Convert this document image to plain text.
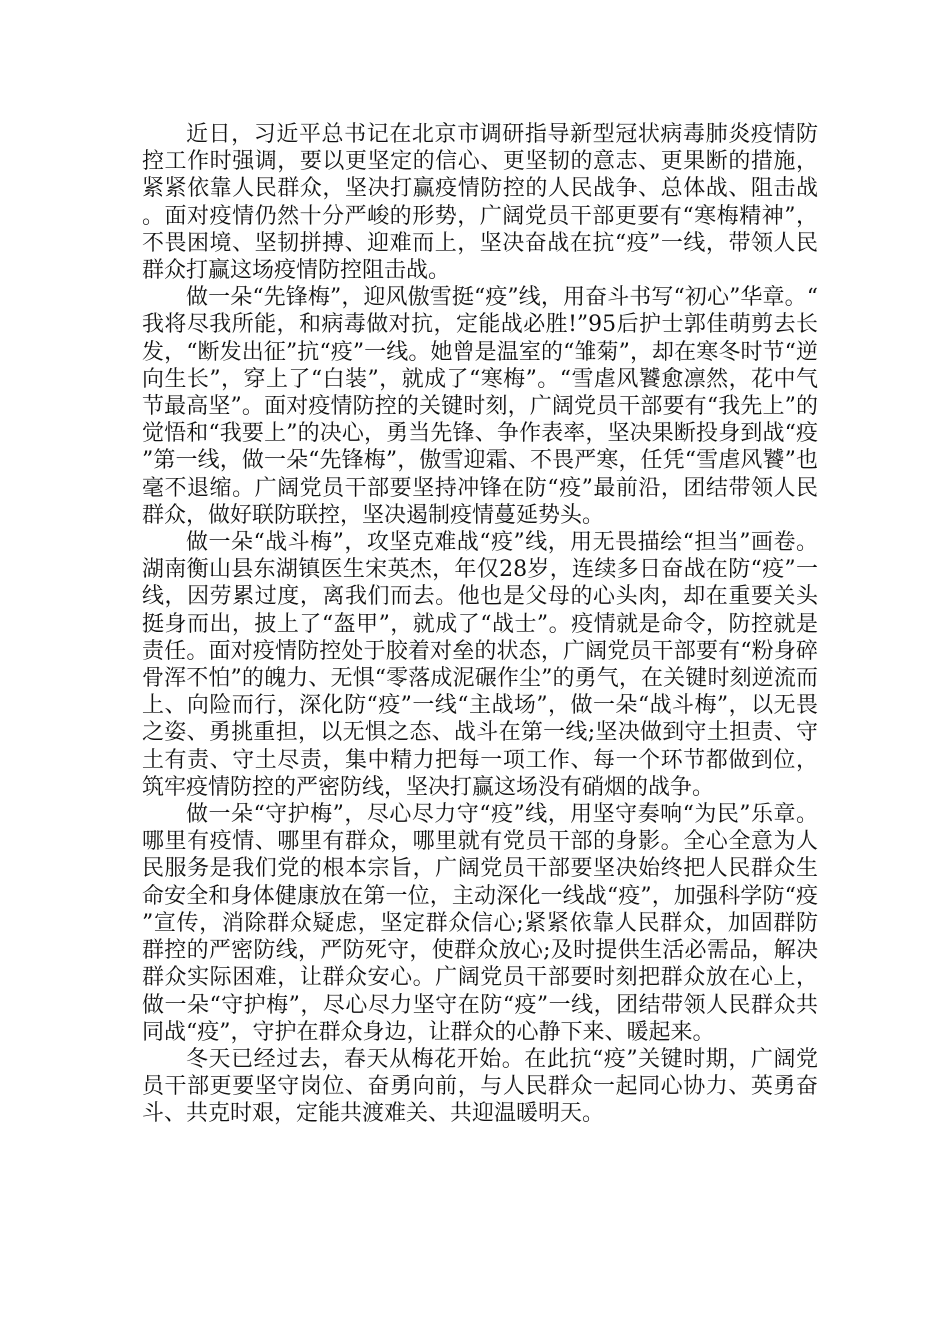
近日，习近平总书记在北京市调研指导新型冠状病毒肺炎疫情防控工作时强调，要以更坚定的信心、更坚韧的意志、更果断的措施，紧紧依靠人民群众，坚决打赢疫情防控的人民战争、总体战、阻击战。面对疫情仍然十分严峻的形势，广阔党员干部更要有“寒梅精神”，不畏困境、坚韧拼搏、迎难而上，坚决奋战在抗“疫”一线，带领人民群众打赢这场疫情防控阻击战。

做一朵“先锋梅”，迎风傲雪挺“疫”线，用奋斗书写“初心”华章。“我将尽我所能，和病毒做对抗，定能战必胜!”95后护士郭佳萌剪去长发，“断发出征”抗“疫”一线。她曾是温室的“雏菊”，却在寒冬时节“逆向生长”，穿上了“白装”，就成了“寒梅”。“雪虐风饕愈凛然，花中气节最高坚”。面对疫情防控的关键时刻，广阔党员干部要有“我先上”的觉悟和“我要上”的决心，勇当先锋、争作表率，坚决果断投身到战“疫”第一线，做一朵“先锋梅”，傲雪迎霜、不畏严寒，任凭“雪虐风饕”也毫不退缩。广阔党员干部要坚持冲锋在防“疫”最前沿，团结带领人民群众，做好联防联控，坚决遏制疫情蔓延势头。

做一朵“战斗梅”，攻坚克难战“疫”线，用无畏描绘“担当”画卷。湖南衡山县东湖镇医生宋英杰，年仅28岁，连续多日奋战在防“疫”一线，因劳累过度，离我们而去。他也是父母的心头肉，却在重要关头挺身而出，披上了“盔甲”，就成了“战士”。疫情就是命令，防控就是责任。面对疫情防控处于胶着对垒的状态，广阔党员干部要有“粉身碎骨浑不怕”的魄力、无惧“零落成泥碾作尘”的勇气，在关键时刻逆流而上、向险而行，深化防“疫”一线“主战场”，做一朵“战斗梅”，以无畏之姿、勇挑重担，以无惧之态、战斗在第一线;坚决做到守土担责、守土有责、守土尽责，集中精力把每一项工作、每一个环节都做到位，筑牢疫情防控的严密防线，坚决打赢这场没有硝烟的战争。

做一朵“守护梅”，尽心尽力守“疫”线，用坚守奏响“为民”乐章。哪里有疫情、哪里有群众，哪里就有党员干部的身影。全心全意为人民服务是我们党的根本宗旨，广阔党员干部要坚决始终把人民群众生命安全和身体健康放在第一位，主动深化一线战“疫”，加强科学防“疫”宣传，消除群众疑虑，坚定群众信心;紧紧依靠人民群众，加固群防群控的严密防线，严防死守，使群众放心;及时提供生活必需品，解决群众实际困难，让群众安心。广阔党员干部要时刻把群众放在心上，做一朵“守护梅”，尽心尽力坚守在防“疫”一线，团结带领人民群众共同战“疫”，守护在群众身边，让群众的心静下来、暖起来。

冬天已经过去，春天从梅花开始。在此抗“疫”关键时期，广阔党员干部更要坚守岗位、奋勇向前，与人民群众一起同心协力、英勇奋斗、共克时艰，定能共渡难关、共迎温暖明天。
